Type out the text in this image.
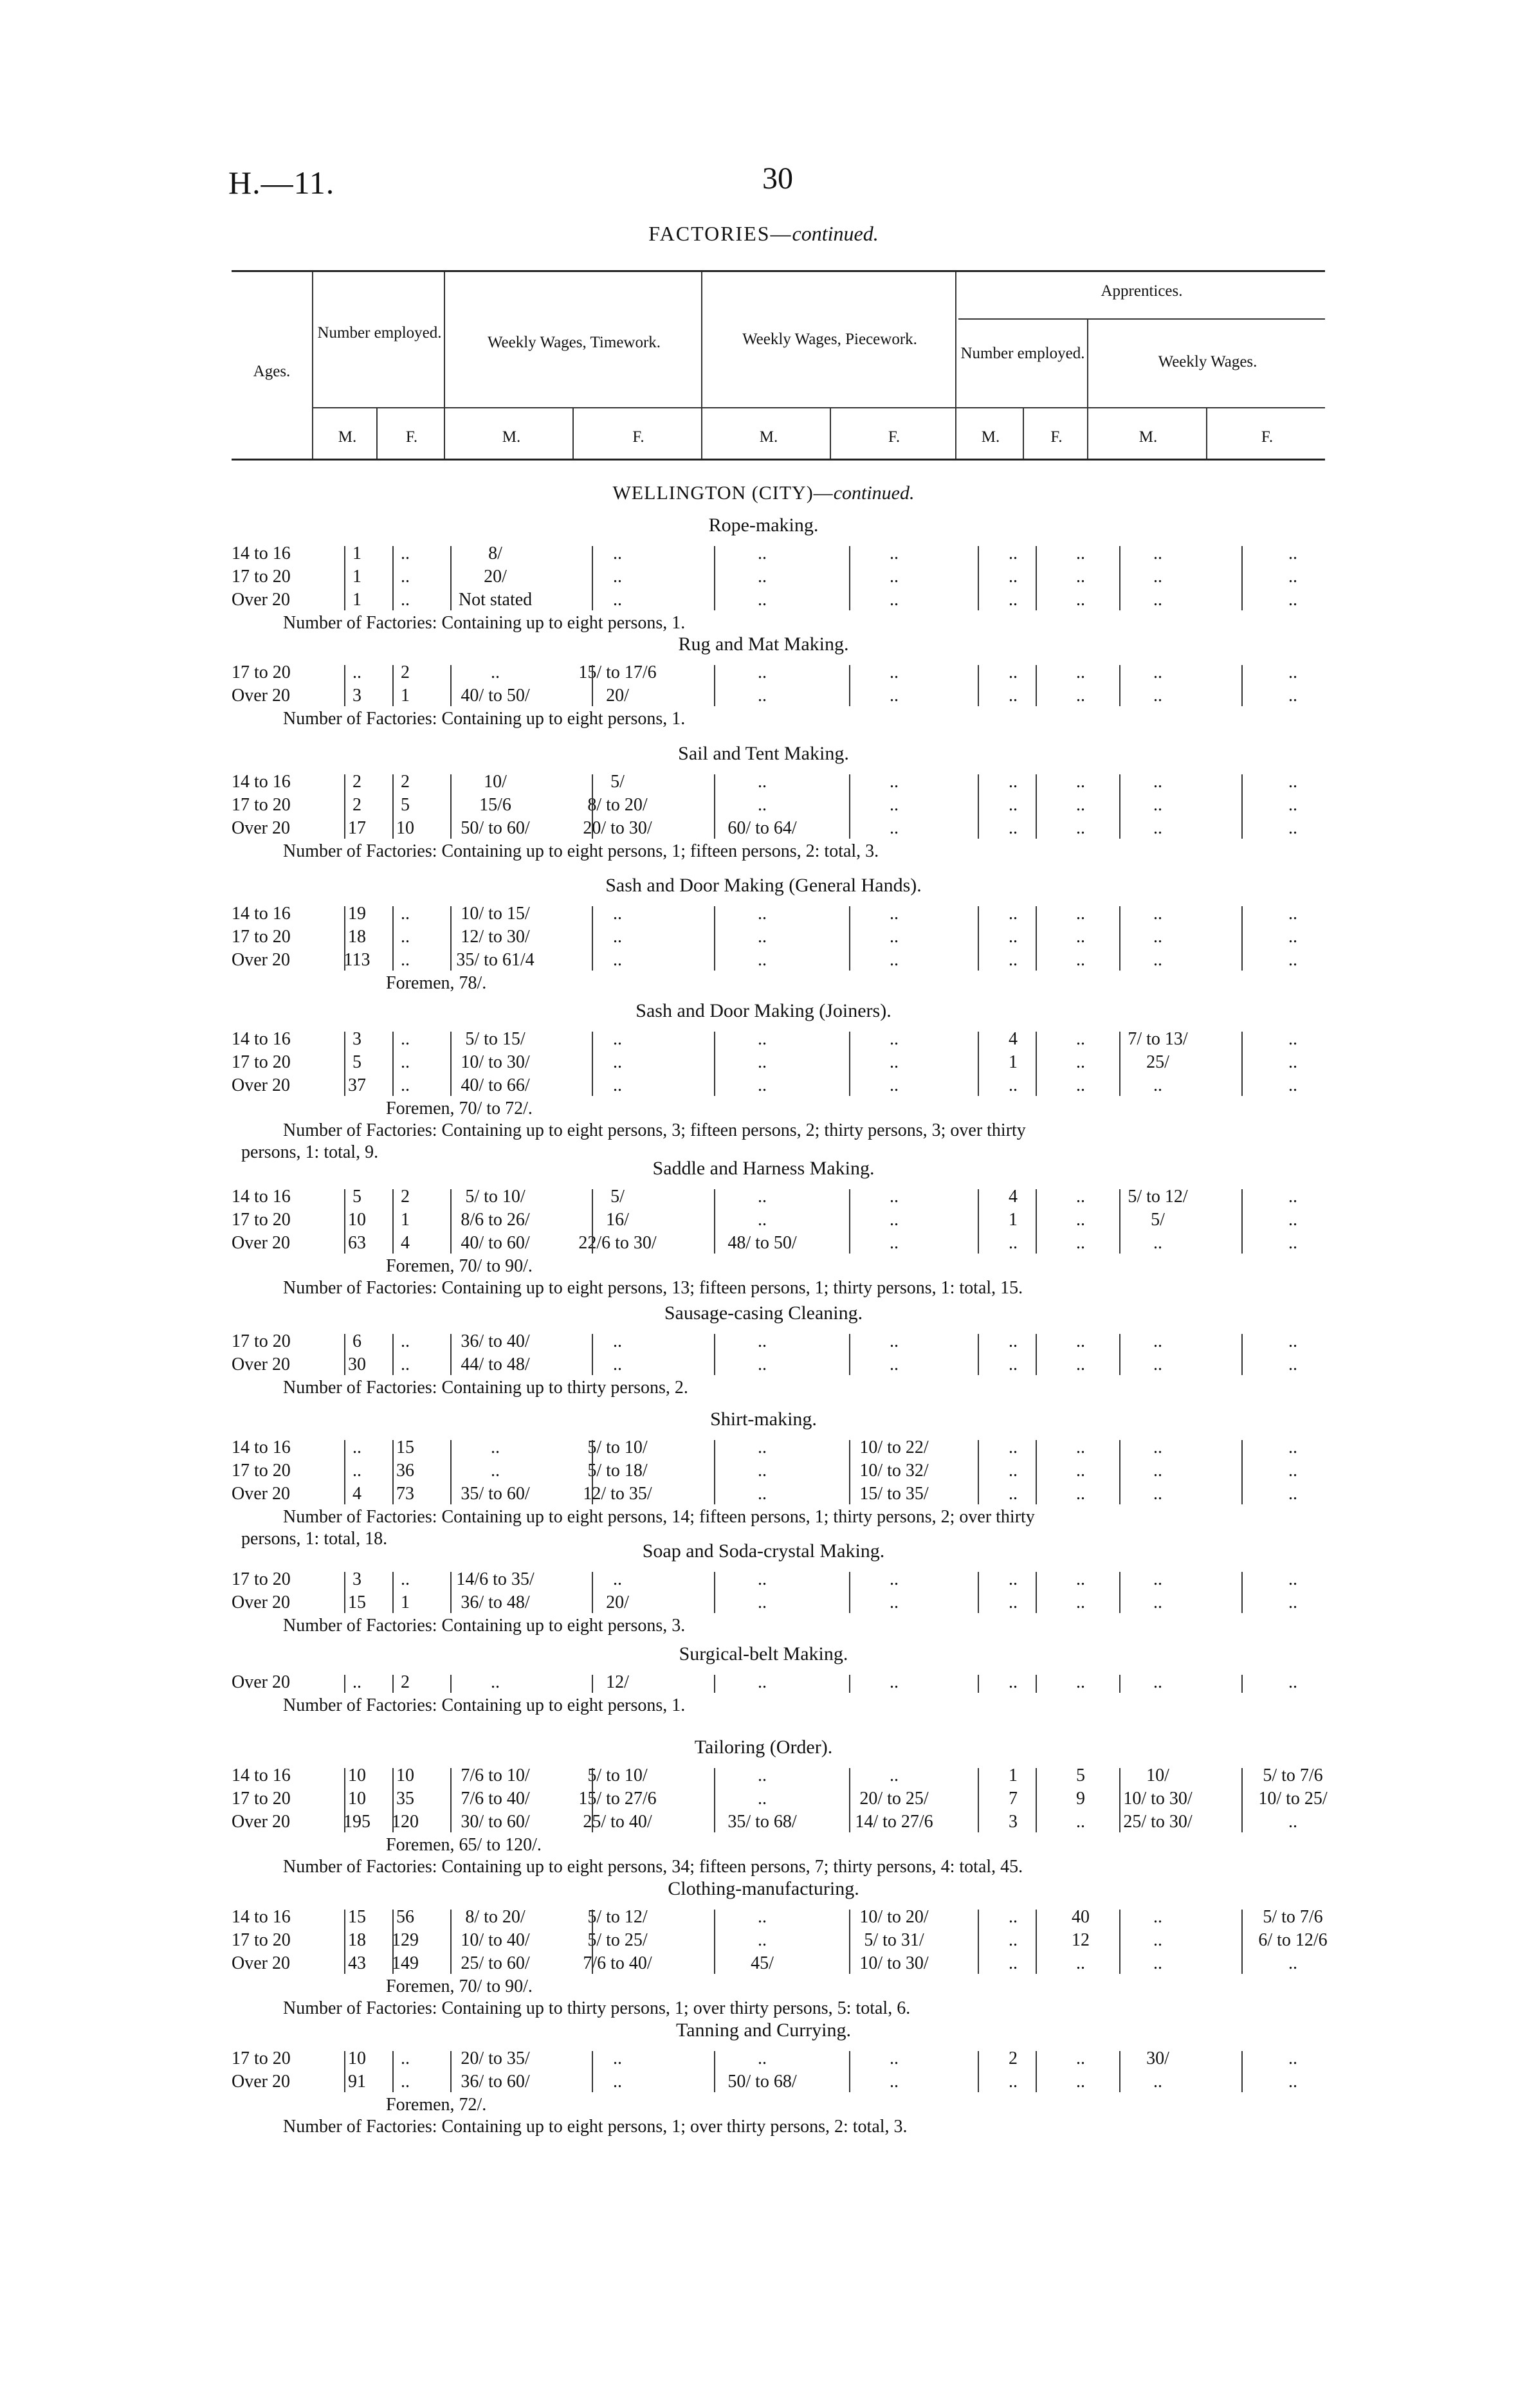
H.—11.	30
FACTORIES—continued.
Ages.
Number employed.
Weekly Wages, Timework.	Weekly Wages, Piecework.
Apprentices.
Number employed.	Weekly Wages.
M.	F.	M.	F.	M.	F.	M.	F.	M.	F.
WELLINGTON (CITY)—continued.
Rope-making.
14 to 16	1	..	8/	..	..	..	..	..	..	..
17 to 20	1	..	20/	..	..	..	..	..	..	..
Over 20	1	..	Not stated	..	..	..	..	..	..	..
Number of Factories: Containing up to eight persons, 1.
Rug and Mat Making.
17 to 20	..	2	..	15/ to 17/6	..	..	..	..	..	..
Over 20	3	1	40/ to 50/	20/	..	..	..	..	..	..
Number of Factories: Containing up to eight persons, 1.
Sail and Tent Making.
14 to 16	2	2	10/	5/	..	..	..	..	..	..
17 to 20	2	5	15/6	8/ to 20/	..	..	..	..	..	..
Over 20	17	10	50/ to 60/	20/ to 30/	60/ to 64/	..	..	..	..	..
Number of Factories: Containing up to eight persons, 1; fifteen persons, 2: total, 3.
Sash and Door Making (General Hands).
14 to 16	19	..	10/ to 15/	..	..	..	..	..	..	..
17 to 20	18	..	12/ to 30/	..	..	..	..	..	..	..
Over 20	113	..	35/ to 61/4	..	..	..	..	..	..	..
Foremen, 78/.
Sash and Door Making (Joiners).
14 to 16	3	..	5/ to 15/	..	..	..	4	..	7/ to 13/	..
17 to 20	5	..	10/ to 30/	..	..	..	1	..	25/	..
Over 20	37	..	40/ to 66/	..	..	..	..	..	..	..
Foremen, 70/ to 72/.
Number of Factories: Containing up to eight persons, 3; fifteen persons, 2; thirty persons, 3; over thirty
persons, 1: total, 9.
Saddle and Harness Making.
14 to 16	5	2	5/ to 10/	5/	..	..	4	..	5/ to 12/	..
17 to 20	10	1	8/6 to 26/	16/	..	..	1	..	5/	..
Over 20	63	4	40/ to 60/	22/6 to 30/	48/ to 50/	..	..	..	..	..
Foremen, 70/ to 90/.
Number of Factories: Containing up to eight persons, 13; fifteen persons, 1; thirty persons, 1: total, 15.
Sausage-casing Cleaning.
17 to 20	6	..	36/ to 40/	..	..	..	..	..	..	..
Over 20	30	..	44/ to 48/	..	..	..	..	..	..	..
Number of Factories: Containing up to thirty persons, 2.
Shirt-making.
14 to 16	..	15	..	5/ to 10/	..	10/ to 22/	..	..	..	..
17 to 20	..	36	..	5/ to 18/	..	10/ to 32/	..	..	..	..
Over 20	4	73	35/ to 60/	12/ to 35/	..	15/ to 35/	..	..	..	..
Number of Factories: Containing up to eight persons, 14; fifteen persons, 1; thirty persons, 2; over thirty
persons, 1: total, 18.
Soap and Soda-crystal Making.
17 to 20	3	..	14/6 to 35/	..	..	..	..	..	..	..
Over 20	15	1	36/ to 48/	20/	..	..	..	..	..	..
Number of Factories: Containing up to eight persons, 3.
Surgical-belt Making.
Over 20	..	2	..	12/	..	..	..	..	..	..
Number of Factories: Containing up to eight persons, 1.
Tailoring (Order).
14 to 16	10	10	7/6 to 10/	5/ to 10/	..	..	1	5	10/	5/ to 7/6
17 to 20	10	35	7/6 to 40/	15/ to 27/6	..	20/ to 25/	7	9	10/ to 30/	10/ to 25/
Over 20	195	120	30/ to 60/	25/ to 40/	35/ to 68/	14/ to 27/6	3	..	25/ to 30/	..
Foremen, 65/ to 120/.
Number of Factories: Containing up to eight persons, 34; fifteen persons, 7; thirty persons, 4: total, 45.
Clothing-manufacturing.
14 to 16	15	56	8/ to 20/	5/ to 12/	..	10/ to 20/	..	40	..	5/ to 7/6
17 to 20	18	129	10/ to 40/	5/ to 25/	..	5/ to 31/	..	12	..	6/ to 12/6
Over 20	43	149	25/ to 60/	7/6 to 40/	45/	10/ to 30/	..	..	..	..
Foremen, 70/ to 90/.
Number of Factories: Containing up to thirty persons, 1; over thirty persons, 5: total, 6.
Tanning and Currying.
17 to 20	10	..	20/ to 35/	..	..	..	2	..	30/	..
Over 20	91	..	36/ to 60/	..	50/ to 68/	..	..	..	..	..
Foremen, 72/.
Number of Factories: Containing up to eight persons, 1; over thirty persons, 2: total, 3.
